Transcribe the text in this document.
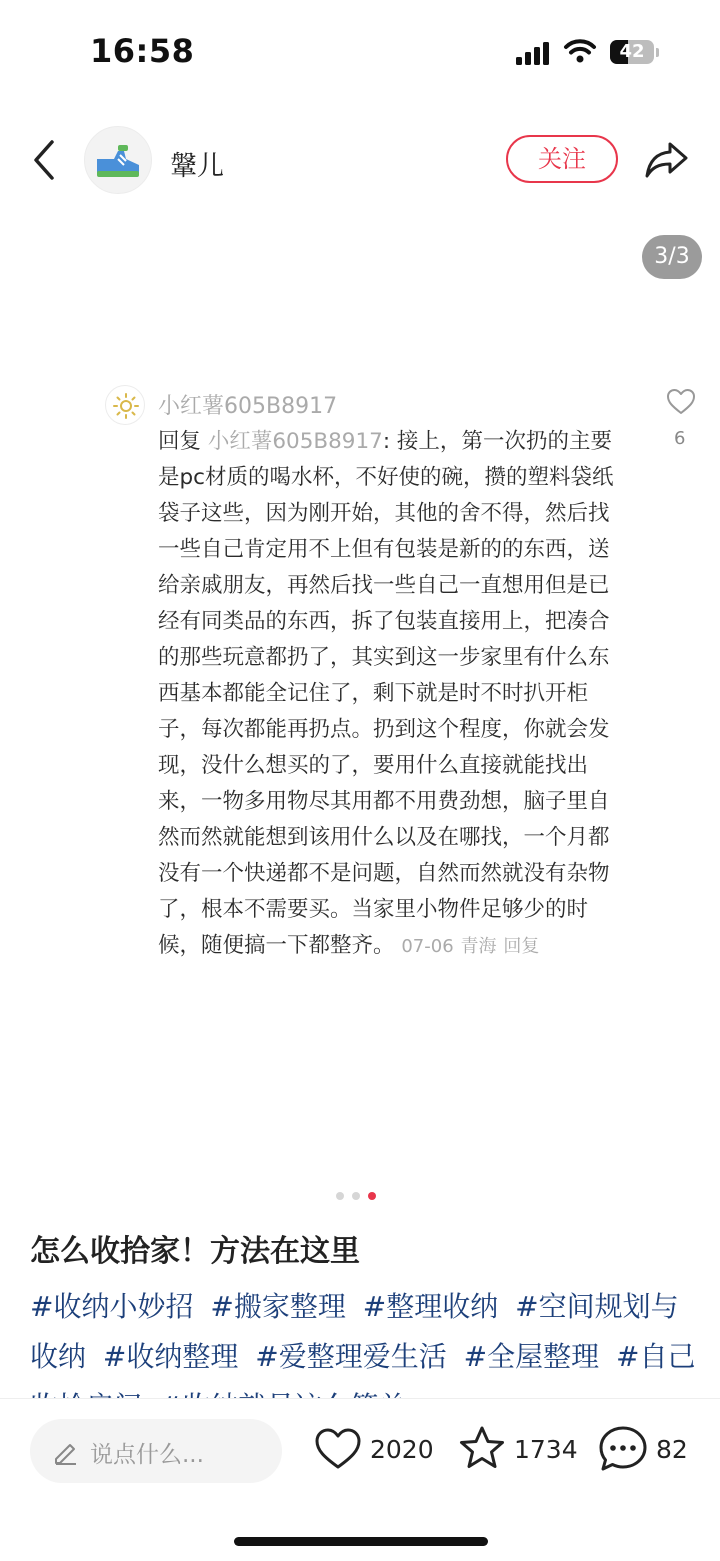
16:58	42
鞶儿	关注
3/3
小红薯605B8917

回复 小红薯605B8917: 接上，第一次扔的主要是pc材质的喝水杯，不好使的碗，攒的塑料袋纸袋子这些，因为刚开始，其他的舍不得，然后找一些自己肯定用不上但有包装是新的的东西，送给亲戚朋友，再然后找一些自己一直想用但是已经有同类品的东西，拆了包装直接用上，把凑合的那些玩意都扔了，其实到这一步家里有什么东西基本都能全记住了，剩下就是时不时扒开柜子，每次都能再扔点。扔到这个程度，你就会发现，没什么想买的了，要用什么直接就能找出来，一物多用物尽其用都不用费劲想，脑子里自然而然就能想到该用什么以及在哪找，一个月都没有一个快递都不是问题，自然而然就没有杂物了，根本不需要买。当家里小物件足够少的时候，随便搞一下都整齐。 07-06 青海 回复

6
怎么收拾家！方法在这里
#收纳小妙招 #搬家整理 #整理收纳 #空间规划与收纳 #收纳整理 #爱整理爱生活 #全屋整理 #自己
说点什么...	2020	1734	82
